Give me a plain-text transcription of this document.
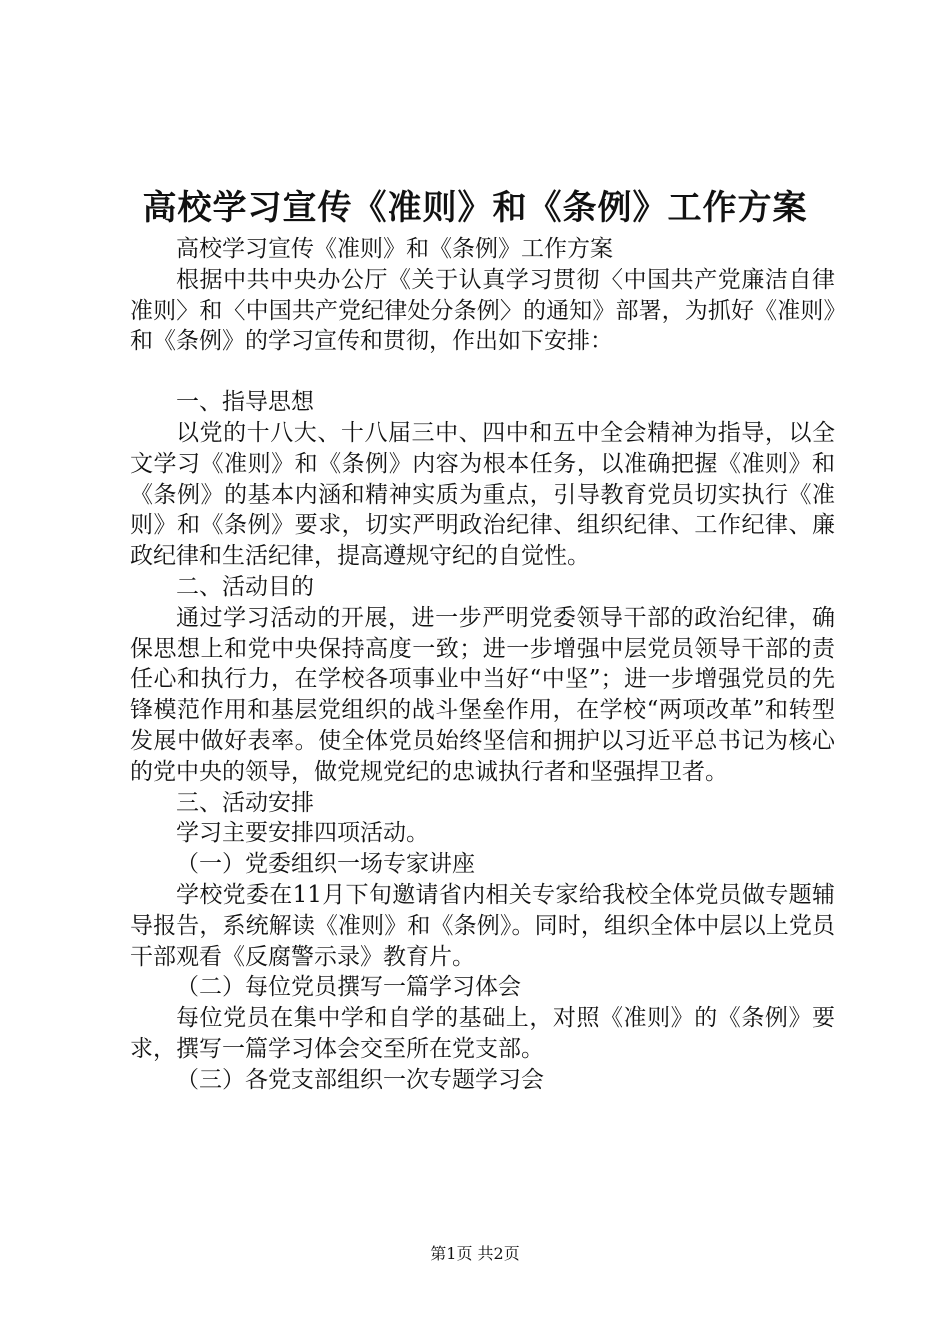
高校学习宣传《准则》和《条例》工作方案

高校学习宣传《准则》和《条例》工作方案

根据中共中央办公厅《关于认真学习贯彻〈中国共产党廉洁自律准则〉和〈中国共产党纪律处分条例〉的通知》部署，为抓好《准则》和《条例》的学习宣传和贯彻，作出如下安排：

一、指导思想

以党的十八大、十八届三中、四中和五中全会精神为指导，以全文学习《准则》和《条例》内容为根本任务，以准确把握《准则》和《条例》的基本内涵和精神实质为重点，引导教育党员切实执行《准则》和《条例》要求，切实严明政治纪律、组织纪律、工作纪律、廉政纪律和生活纪律，提高遵规守纪的自觉性。

二、活动目的

通过学习活动的开展，进一步严明党委领导干部的政治纪律，确保思想上和党中央保持高度一致；进一步增强中层党员领导干部的责任心和执行力，在学校各项事业中当好“中坚”；进一步增强党员的先锋模范作用和基层党组织的战斗堡垒作用，在学校“两项改革”和转型发展中做好表率。使全体党员始终坚信和拥护以习近平总书记为核心的党中央的领导，做党规党纪的忠诚执行者和坚强捍卫者。

三、活动安排

学习主要安排四项活动。

（一）党委组织一场专家讲座

学校党委在11月下旬邀请省内相关专家给我校全体党员做专题辅导报告，系统解读《准则》和《条例》。同时，组织全体中层以上党员干部观看《反腐警示录》教育片。

（二）每位党员撰写一篇学习体会

每位党员在集中学和自学的基础上，对照《准则》的《条例》要求，撰写一篇学习体会交至所在党支部。

（三）各党支部组织一次专题学习会

第1页 共2页
